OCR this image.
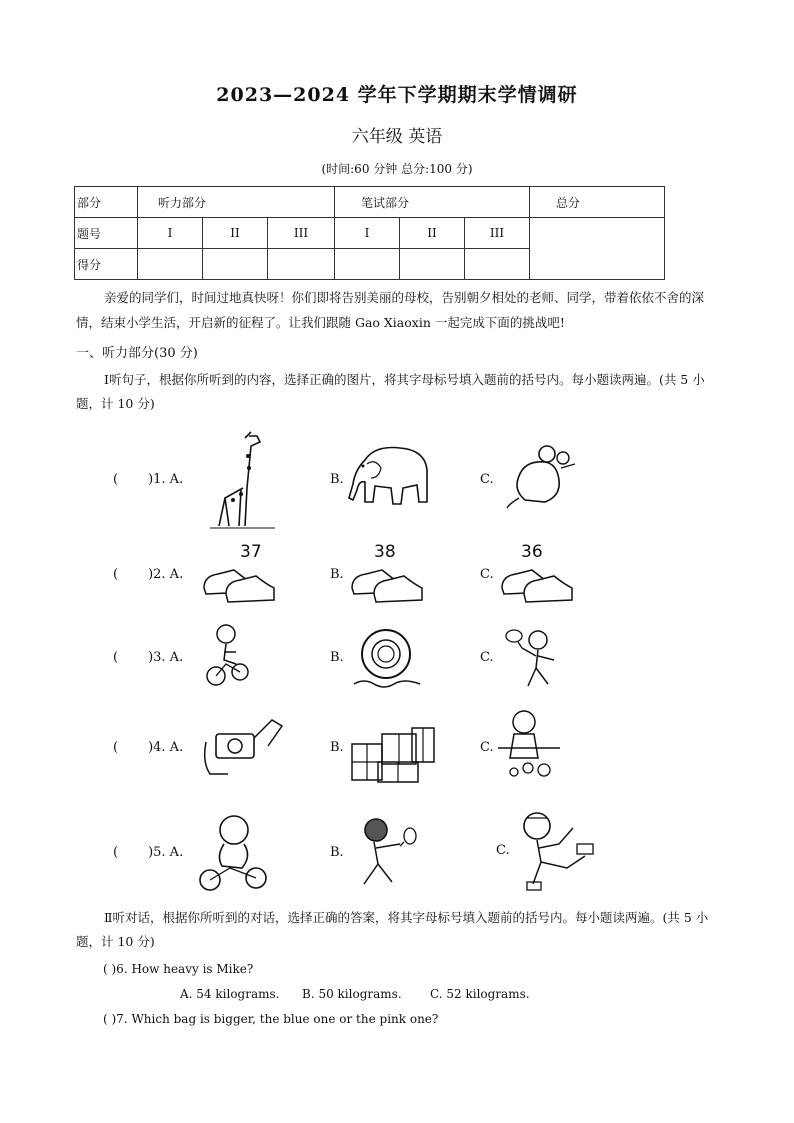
2023—2024 学年下学期期末学情调研
六年级 英语
(时间:60 分钟 总分:100 分)
部分	听力部分			笔试部分			总分
题号	I	II	III	I	II	III	
得分							
亲爱的同学们，时间过地真快呀！你们即将告别美丽的母校，告别朝夕相处的老师、同学，带着依依不舍的深情，结束小学生活，开启新的征程了。让我们跟随 Gao Xiaoxin 一起完成下面的挑战吧!
一、听力部分(30 分)
Ⅰ听句子，根据你所听到的内容，选择正确的图片，将其字母标号填入题前的括号内。每小题读两遍。(共 5 小题，计 10 分)
( )1. A.	B.	C.
( )2. A.
37	38	36
B.	C.
( )3. A.	B.	C.
( )4. A.	B.	C.
( )5. A.	B.	C.
Ⅱ听对话，根据你所听到的对话，选择正确的答案，将其字母标号填入题前的括号内。每小题读两遍。(共 5 小题，计 10 分)
( )6. How heavy is Mike?
A. 54 kilograms. B. 50 kilograms. C. 52 kilograms.
( )7. Which bag is bigger, the blue one or the pink one?
